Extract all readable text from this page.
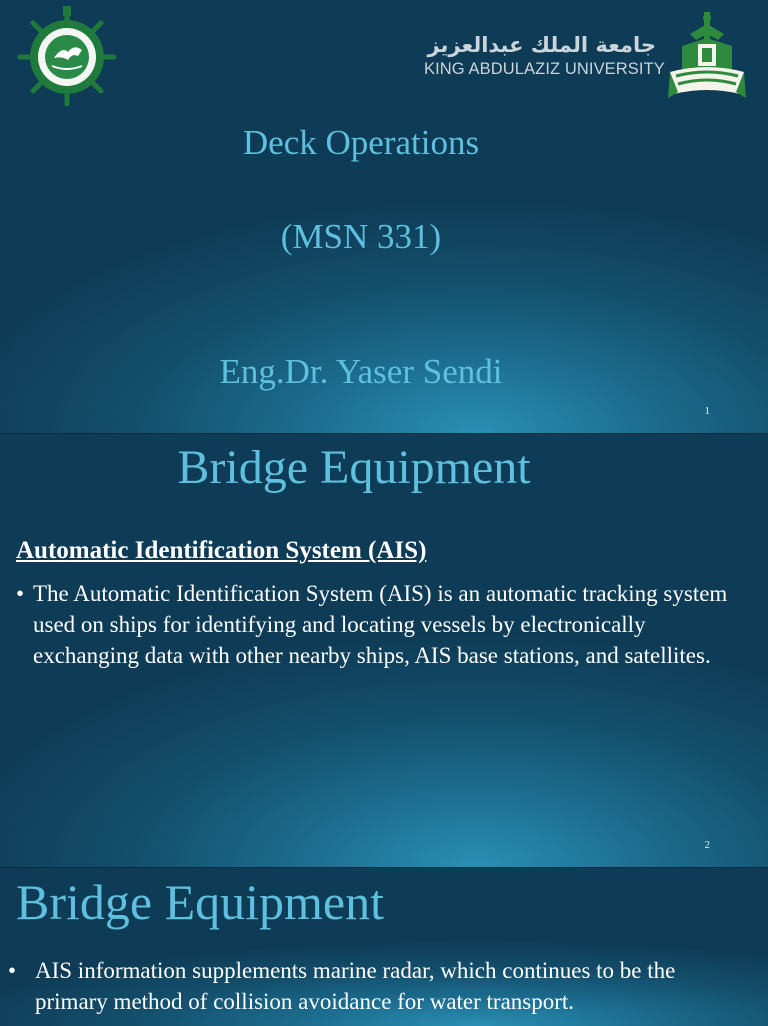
جامعة الملك عبدالعزيز
KING ABDULAZIZ UNIVERSITY
Deck Operations
(MSN 331)
Eng.Dr. Yaser Sendi
1
2
Bridge Equipment
Automatic Identification System (AIS)
• The Automatic Identification System (AIS) is an automatic tracking system used on ships for identifying and locating vessels by electronically exchanging data with other nearby ships, AIS base stations, and satellites.
Bridge Equipment
• AIS information supplements marine radar, which continues to be the primary method of collision avoidance for water transport.
